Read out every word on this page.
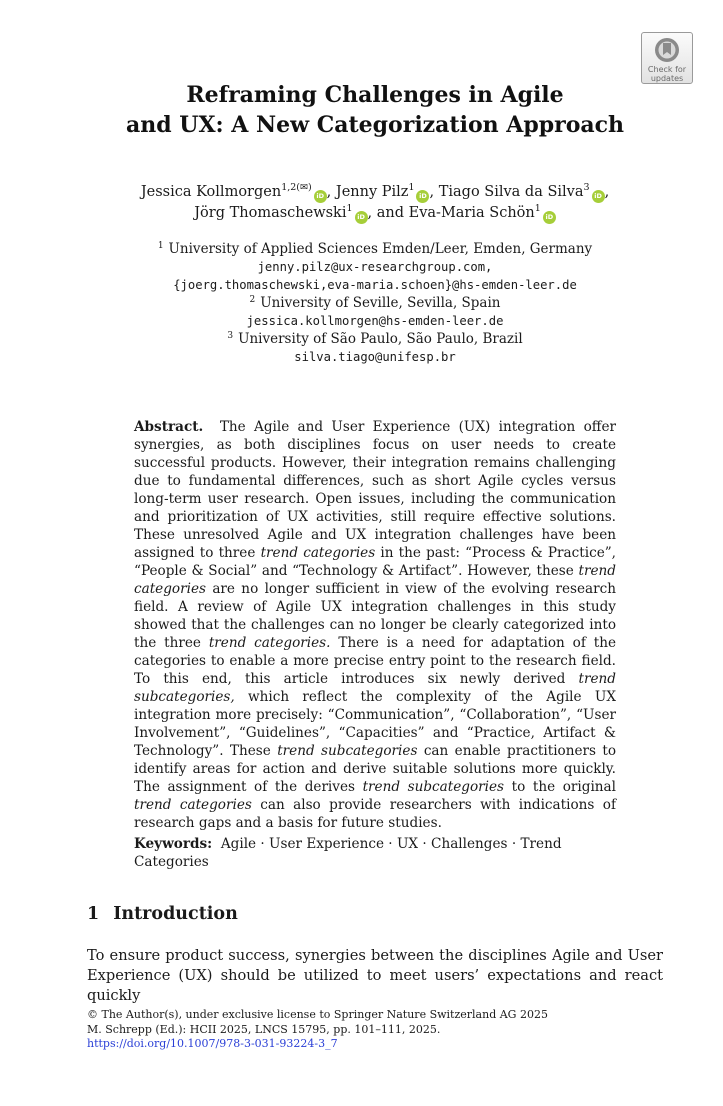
Check for updates
Reframing Challenges in Agile
and UX: A New Categorization Approach
Jessica Kollmorgen$^{1,2(✉)}$iD , Jenny Pilz$^1$iD , Tiago Silva da Silva$^3$iD ,
Jörg Thomaschewski$^1$iD , and Eva-Maria Schön$^1$iD
$^1$ University of Applied Sciences Emden/Leer, Emden, Germany
jenny.pilz@ux-researchgroup.com,
{joerg.thomaschewski,eva-maria.schoen}@hs-emden-leer.de
$^2$ University of Seville, Sevilla, Spain
jessica.kollmorgen@hs-emden-leer.de
$^3$ University of São Paulo, São Paulo, Brazil
silva.tiago@unifesp.br
Abstract. The Agile and User Experience (UX) integration offer synergies, as both disciplines focus on user needs to create successful products. However, their integration remains challenging due to fundamental differences, such as short Agile cycles versus long-term user research. Open issues, including the communication and prioritization of UX activities, still require effective solutions. These unresolved Agile and UX integration challenges have been assigned to three trend categories in the past: “Process & Practice”, “People & Social” and “Technology & Artifact”. However, these trend categories are no longer sufficient in view of the evolving research field. A review of Agile UX integration challenges in this study showed that the challenges can no longer be clearly categorized into the three trend categories. There is a need for adaptation of the categories to enable a more precise entry point to the research field. To this end, this article introduces six newly derived trend subcategories, which reflect the complexity of the Agile UX integration more precisely: “Communication”, “Collaboration”, “User Involvement”, “Guidelines”, “Capacities” and “Practice, Artifact & Technology”. These trend subcategories can enable practitioners to identify areas for action and derive suitable solutions more quickly. The assignment of the derives trend subcategories to the original trend categories can also provide researchers with indications of research gaps and a basis for future studies.
Keywords: Agile · User Experience · UX · Challenges · Trend Categories
1 Introduction
To ensure product success, synergies between the disciplines Agile and User Experience (UX) should be utilized to meet users’ expectations and react quickly
© The Author(s), under exclusive license to Springer Nature Switzerland AG 2025
M. Schrepp (Ed.): HCII 2025, LNCS 15795, pp. 101–111, 2025.
https://doi.org/10.1007/978-3-031-93224-3_7
